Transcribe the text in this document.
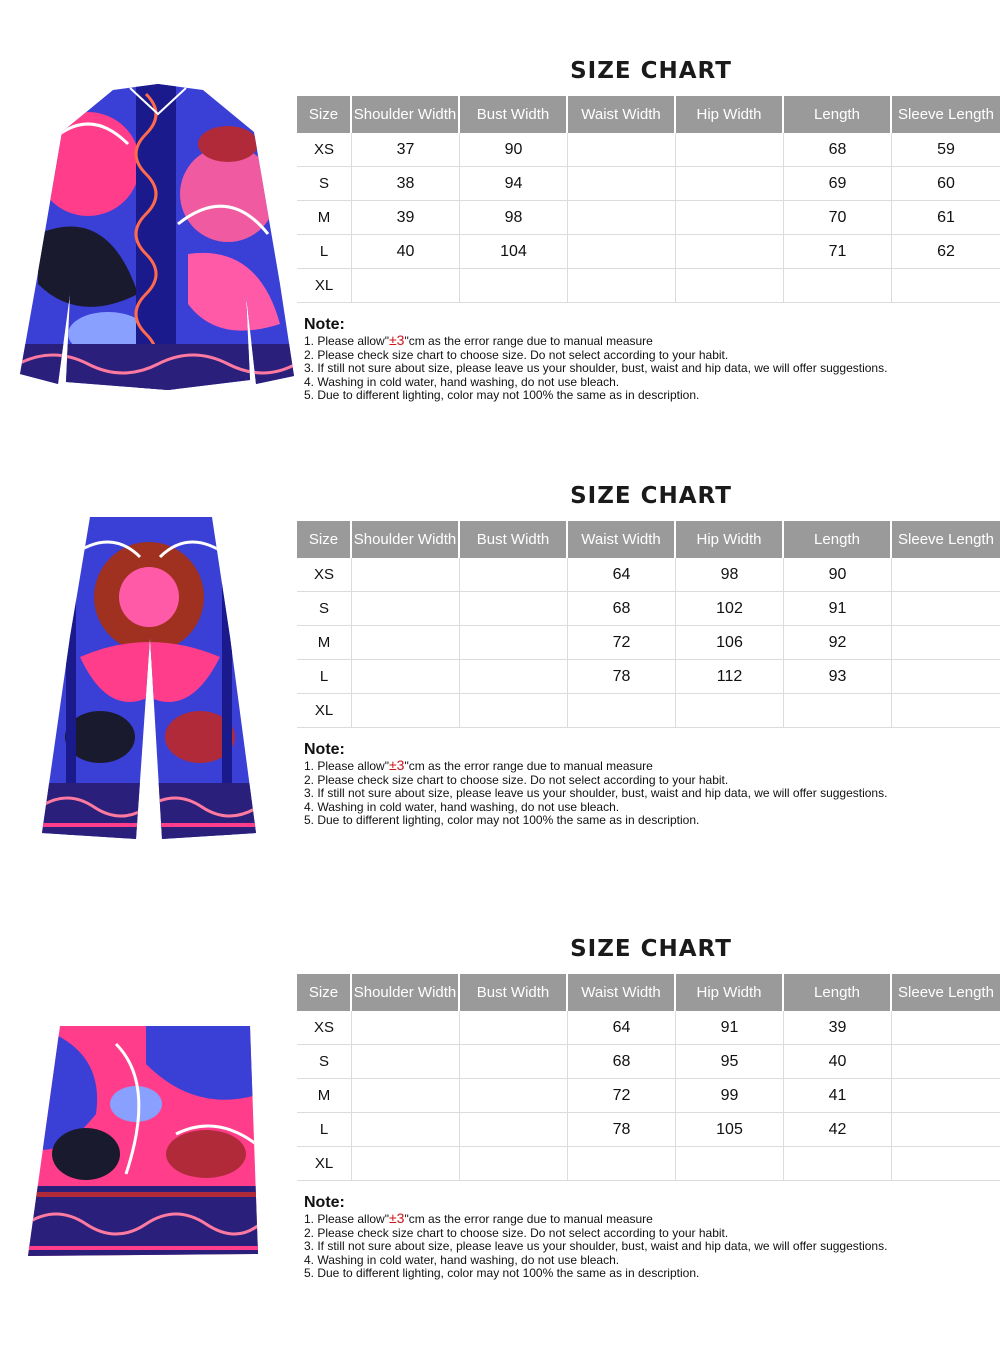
SIZE CHART
Size	Shoulder Width	Bust Width	Waist Width	Hip Width	Length	Sleeve Length
XS	37	90			68	59
S	38	94			69	60
M	39	98			70	61
L	40	104			71	62
XL						
Note:
1. Please allow"±3"cm as the error range due to manual measure
2. Please check size chart to choose size. Do not select according to your habit.
3. If still not sure about size, please leave us your shoulder, bust, waist and hip data, we will offer suggestions.
4. Washing in cold water, hand washing, do not use bleach.
5. Due to different lighting, color may not 100% the same as in description.
SIZE CHART
Size	Shoulder Width	Bust Width	Waist Width	Hip Width	Length	Sleeve Length
XS			64	98	90	
S			68	102	91	
M			72	106	92	
L			78	112	93	
XL						
Note:
1. Please allow"±3"cm as the error range due to manual measure
2. Please check size chart to choose size. Do not select according to your habit.
3. If still not sure about size, please leave us your shoulder, bust, waist and hip data, we will offer suggestions.
4. Washing in cold water, hand washing, do not use bleach.
5. Due to different lighting, color may not 100% the same as in description.
SIZE CHART
Size	Shoulder Width	Bust Width	Waist Width	Hip Width	Length	Sleeve Length
XS			64	91	39	
S			68	95	40	
M			72	99	41	
L			78	105	42	
XL						
Note:
1. Please allow"±3"cm as the error range due to manual measure
2. Please check size chart to choose size. Do not select according to your habit.
3. If still not sure about size, please leave us your shoulder, bust, waist and hip data, we will offer suggestions.
4. Washing in cold water, hand washing, do not use bleach.
5. Due to different lighting, color may not 100% the same as in description.
